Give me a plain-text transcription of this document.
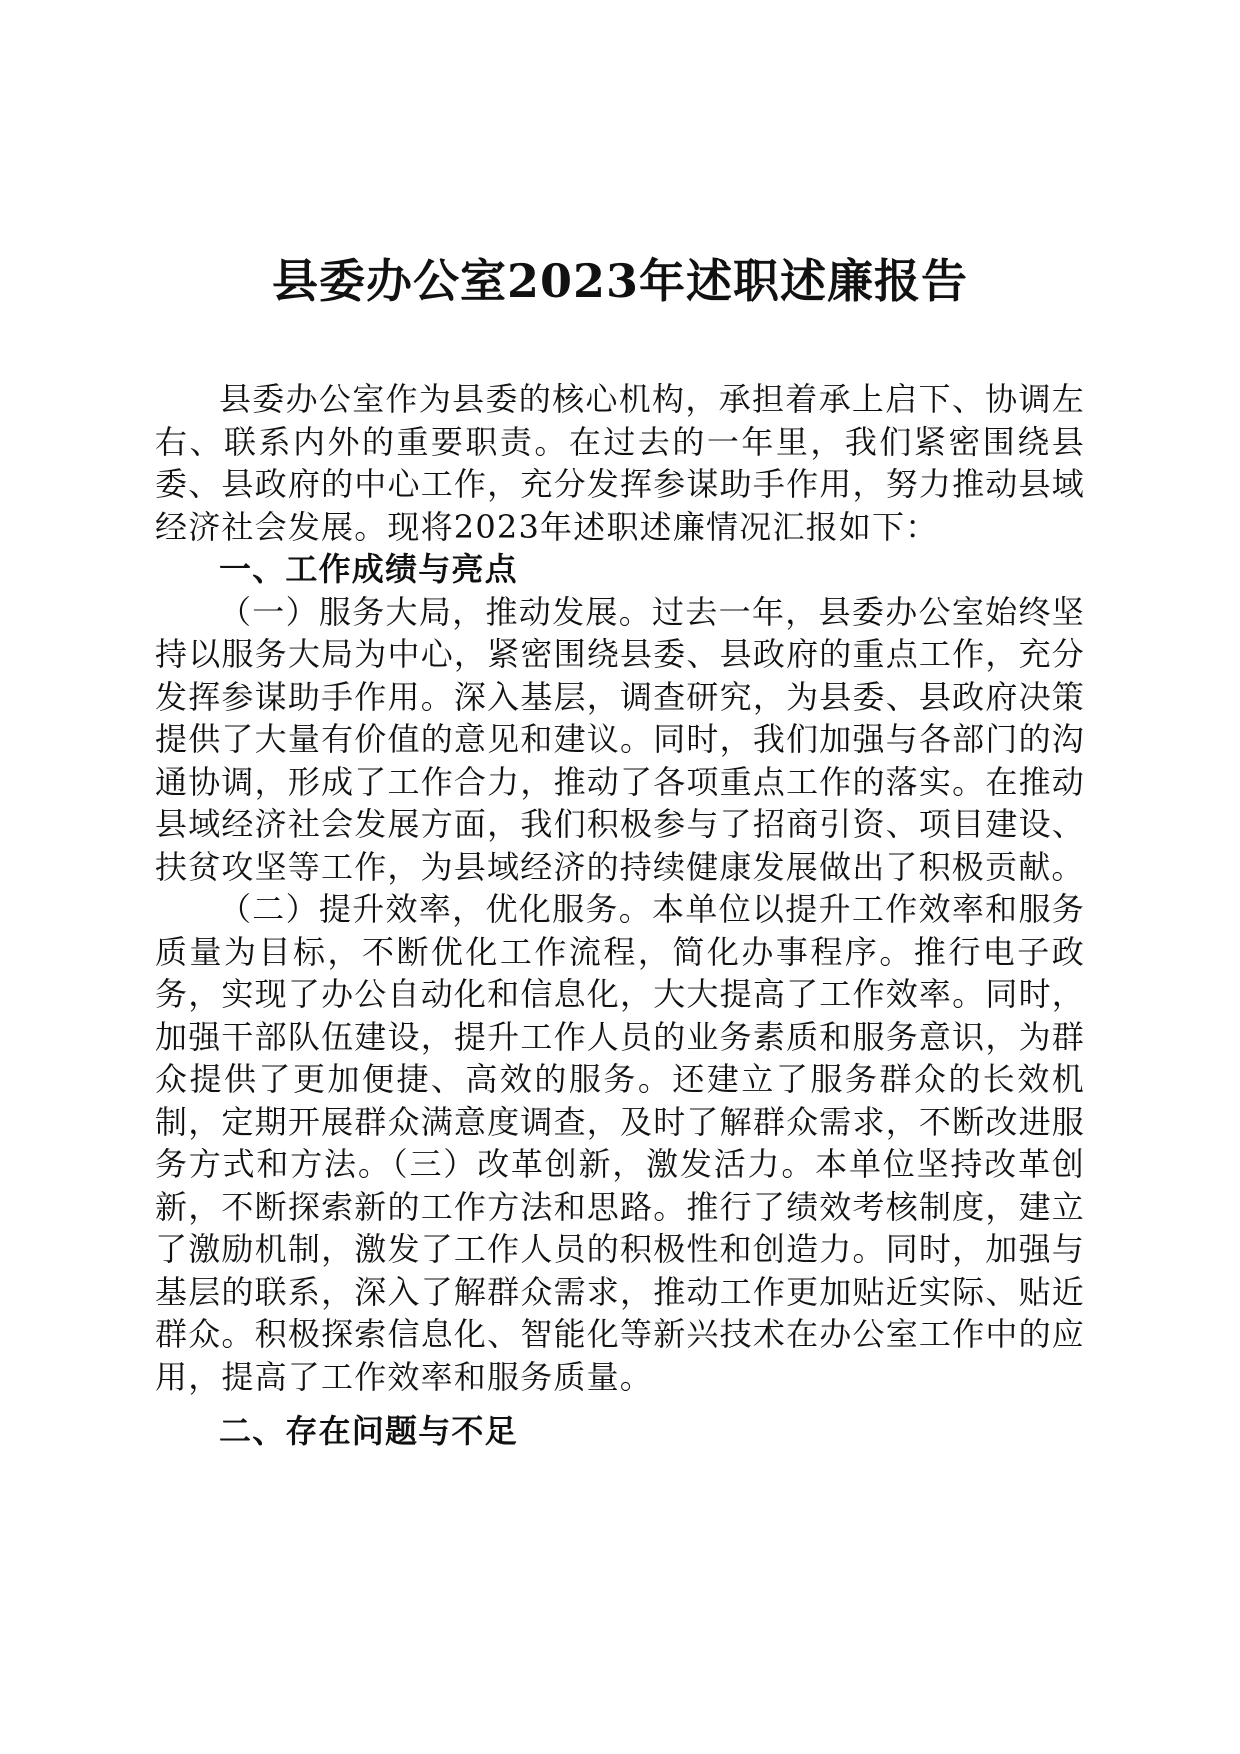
县委办公室2023年述职述廉报告

县委办公室作为县委的核心机构，承担着承上启下、协调左右、联系内外的重要职责。在过去的一年里，我们紧密围绕县委、县政府的中心工作，充分发挥参谋助手作用，努力推动县域经济社会发展。现将2023年述职述廉情况汇报如下：

一、工作成绩与亮点

（一）服务大局，推动发展。过去一年，县委办公室始终坚持以服务大局为中心，紧密围绕县委、县政府的重点工作，充分发挥参谋助手作用。深入基层，调查研究，为县委、县政府决策提供了大量有价值的意见和建议。同时，我们加强与各部门的沟通协调，形成了工作合力，推动了各项重点工作的落实。在推动县域经济社会发展方面，我们积极参与了招商引资、项目建设、扶贫攻坚等工作，为县域经济的持续健康发展做出了积极贡献。

（二）提升效率，优化服务。本单位以提升工作效率和服务质量为目标，不断优化工作流程，简化办事程序。推行电子政务，实现了办公自动化和信息化，大大提高了工作效率。同时，加强干部队伍建设，提升工作人员的业务素质和服务意识，为群众提供了更加便捷、高效的服务。还建立了服务群众的长效机制，定期开展群众满意度调查，及时了解群众需求，不断改进服务方式和方法。（三）改革创新，激发活力。本单位坚持改革创新，不断探索新的工作方法和思路。推行了绩效考核制度，建立了激励机制，激发了工作人员的积极性和创造力。同时，加强与基层的联系，深入了解群众需求，推动工作更加贴近实际、贴近群众。积极探索信息化、智能化等新兴技术在办公室工作中的应用，提高了工作效率和服务质量。

二、存在问题与不足
